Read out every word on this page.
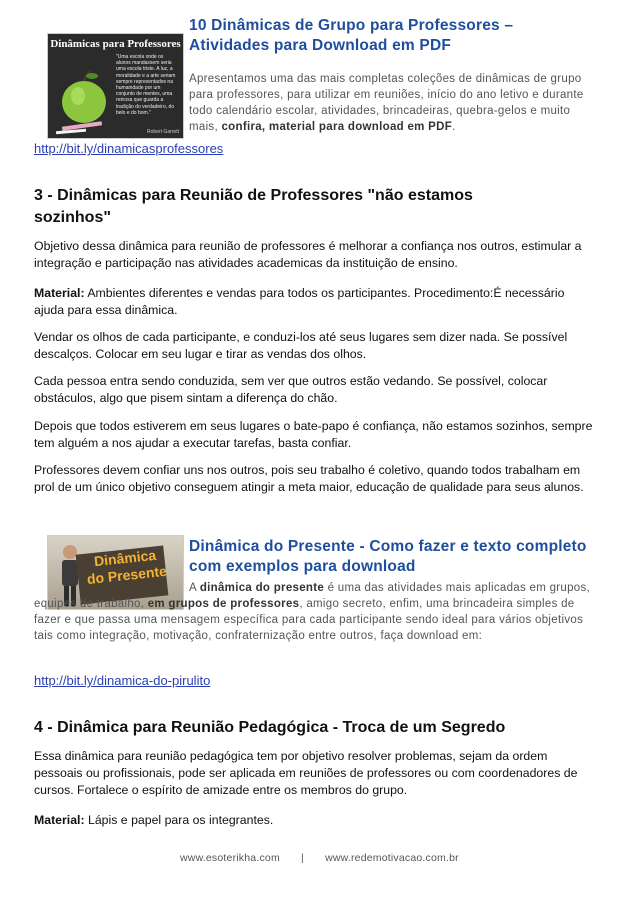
Dinâmicas para Professores
"Uma escola onde os alunos mandassem seria uma escola triste. A luz, a moralidade e a arte seriam sempre representados na humanidade por um conjunto de mentes, uma reinosa que guarda a tradição do verdadeiro, do belo e do bom."
Robert Garrett
10 Dinâmicas de Grupo para Professores – Atividades para Download em PDF
Apresentamos uma das mais completas coleções de dinâmicas de grupo para professores, para utilizar em reuniões, início do ano letivo e durante todo calendário escolar, atividades, brincadeiras, quebra-gelos e muito mais, confira, material para download em PDF.
http://bit.ly/dinamicasprofessores
3 - Dinâmicas para Reunião de Professores "não estamos sozinhos"

Objetivo dessa dinâmica para reunião de professores é melhorar a confiança nos outros, estimular a integração e participação nas atividades academicas da instituição de ensino.

Material: Ambientes diferentes e vendas para todos os participantes. Procedimento:É necessário ajuda para essa dinâmica.

Vendar os olhos de cada participante, e conduzi-los até seus lugares sem dizer nada. Se possível descalços. Colocar em seu lugar e tirar as vendas dos olhos.

Cada pessoa entra sendo conduzida, sem ver que outros estão vedando. Se possível, colocar obstáculos, algo que pisem sintam a diferença do chão.

Depois que todos estiverem em seus lugares o bate-papo é confiança, não estamos sozinhos, sempre tem alguém a nos ajudar a executar tarefas, basta confiar.

Professores devem confiar uns nos outros, pois seu trabalho é coletivo, quando todos trabalham em prol de um único objetivo conseguem atingir a meta maior, educação de qualidade para seus alunos.

Dinâmica
do Presente
Dinâmica do Presente - Como fazer e texto completo com exemplos para download
A dinâmica do presente é uma das atividades mais aplicadas em grupos, equipes de trabalho, em grupos de professores, amigo secreto, enfim, uma brincadeira simples de fazer e que passa uma mensagem específica para cada participante sendo ideal para vários objetivos tais como integração, motivação, confraternização entre outros, faça download em:
http://bit.ly/dinamica-do-pirulito
4 - Dinâmica para Reunião Pedagógica - Troca de um Segredo

Essa dinâmica para reunião pedagógica tem por objetivo resolver problemas, sejam da ordem pessoais ou profissionais, pode ser aplicada em reuniões de professores ou com coordenadores de cursos. Fortalece o espírito de amizade entre os membros do grupo.

Material: Lápis e papel para os integrantes.

www.esoterikha.com | www.redemotivacao.com.br
